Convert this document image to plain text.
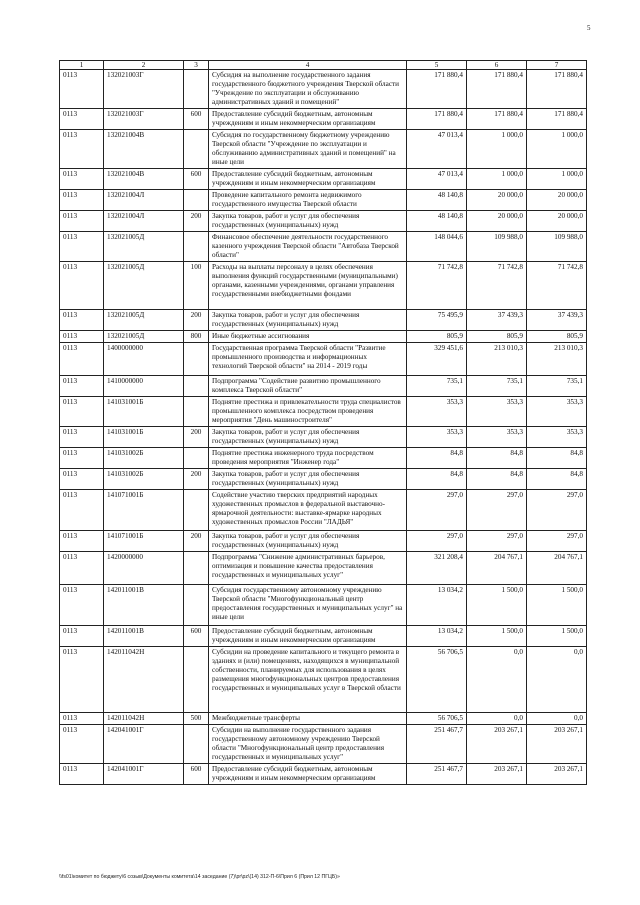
5
1	2	3	4	5	6	7
0113	132021003Г		Субсидия на выполнение государственного задания государственного бюджетного учреждения Тверской области "Учреждение по эксплуатации и обслуживанию административных зданий и помещений"	171 880,4	171 880,4	171 880,4
0113	132021003Г	600	Предоставление субсидий бюджетным, автономным учреждениям и иным некоммерческим организациям	171 880,4	171 880,4	171 880,4
0113	132021004В		Субсидия по государственному бюджетному учреждению Тверской области "Учреждение по эксплуатации и обслуживанию административных зданий и помещений" на иные цели	47 013,4	1 000,0	1 000,0
0113	132021004В	600	Предоставление субсидий бюджетным, автономным учреждениям и иным некоммерческим организациям	47 013,4	1 000,0	1 000,0
0113	132021004Л		Проведение капитального ремонта недвижимого государственного имущества Тверской области	48 140,8	20 000,0	20 000,0
0113	132021004Л	200	Закупка товаров, работ и услуг для обеспечения государственных (муниципальных) нужд	48 140,8	20 000,0	20 000,0
0113	132021005Д		Финансовое обеспечение деятельности государственного казенного учреждения Тверской области "Автобаза Тверской области"	148 044,6	109 988,0	109 988,0
0113	132021005Д	100	Расходы на выплаты персоналу в целях обеспечения выполнения функций государственными (муниципальными) органами, казенными учреждениями, органами управления государственными внебюджетными фондами	71 742,8	71 742,8	71 742,8
0113	132021005Д	200	Закупка товаров, работ и услуг для обеспечения государственных (муниципальных) нужд	75 495,9	37 439,3	37 439,3
0113	132021005Д	800	Иные бюджетные ассигнования	805,9	805,9	805,9
0113	1400000000		Государственная программа Тверской области "Развитие промышленного производства и информационных технологий Тверской области" на 2014 - 2019 годы	329 451,6	213 010,3	213 010,3
0113	1410000000		Подпрограмма "Содействие развитию промышленного комплекса Тверской области"	735,1	735,1	735,1
0113	141031001Б		Поднятие престижа и привлекательности труда специалистов промышленного комплекса посредством проведения мероприятия "День машиностроителя"	353,3	353,3	353,3
0113	141031001Б	200	Закупка товаров, работ и услуг для обеспечения государственных (муниципальных) нужд	353,3	353,3	353,3
0113	141031002Б		Поднятие престижа инженерного труда посредством проведения мероприятия "Инженер года"	84,8	84,8	84,8
0113	141031002Б	200	Закупка товаров, работ и услуг для обеспечения государственных (муниципальных) нужд	84,8	84,8	84,8
0113	141071001Б		Содействие участию тверских предприятий народных художественных промыслов в федеральной выставочно-ярмарочной деятельности: выставке-ярмарке народных художественных промыслов России "ЛАДЬЯ"	297,0	297,0	297,0
0113	141071001Б	200	Закупка товаров, работ и услуг для обеспечения государственных (муниципальных) нужд	297,0	297,0	297,0
0113	1420000000		Подпрограмма "Снижение административных барьеров, оптимизация и повышение качества предоставления государственных и муниципальных услуг"	321 208,4	204 767,1	204 767,1
0113	142011001В		Субсидия государственному автономному учреждению Тверской области "Многофункциональный центр предоставления государственных и муниципальных услуг" на иные цели	13 034,2	1 500,0	1 500,0
0113	142011001В	600	Предоставление субсидий бюджетным, автономным учреждениям и иным некоммерческим организациям	13 034,2	1 500,0	1 500,0
0113	142011042Н		Субсидии на проведение капитального и текущего ремонта в зданиях и (или) помещениях, находящихся в муниципальной собственности, планируемых для использования в целях размещения многофункциональных центров предоставления государственных и муниципальных услуг в Тверской области	56 706,5	0,0	0,0
0113	142011042Н	500	Межбюджетные трансферты	56 706,5	0,0	0,0
0113	142041001Г		Субсидии на выполнение государственного задания государственному автономному учреждению Тверской области "Многофункциональный центр предоставления государственных и муниципальных услуг"	251 467,7	203 267,1	203 267,1
0113	142041001Г	600	Предоставление субсидий бюджетным, автономным учреждениям и иным некоммерческим организациям	251 467,7	203 267,1	203 267,1
\\fs01\комитет по бюджету\6 созыв\Документы комитета\14 заседание (7)\pr\pz\(14) 312-П-6\Прил 6 (Прил 12 ПГЦБ)»
